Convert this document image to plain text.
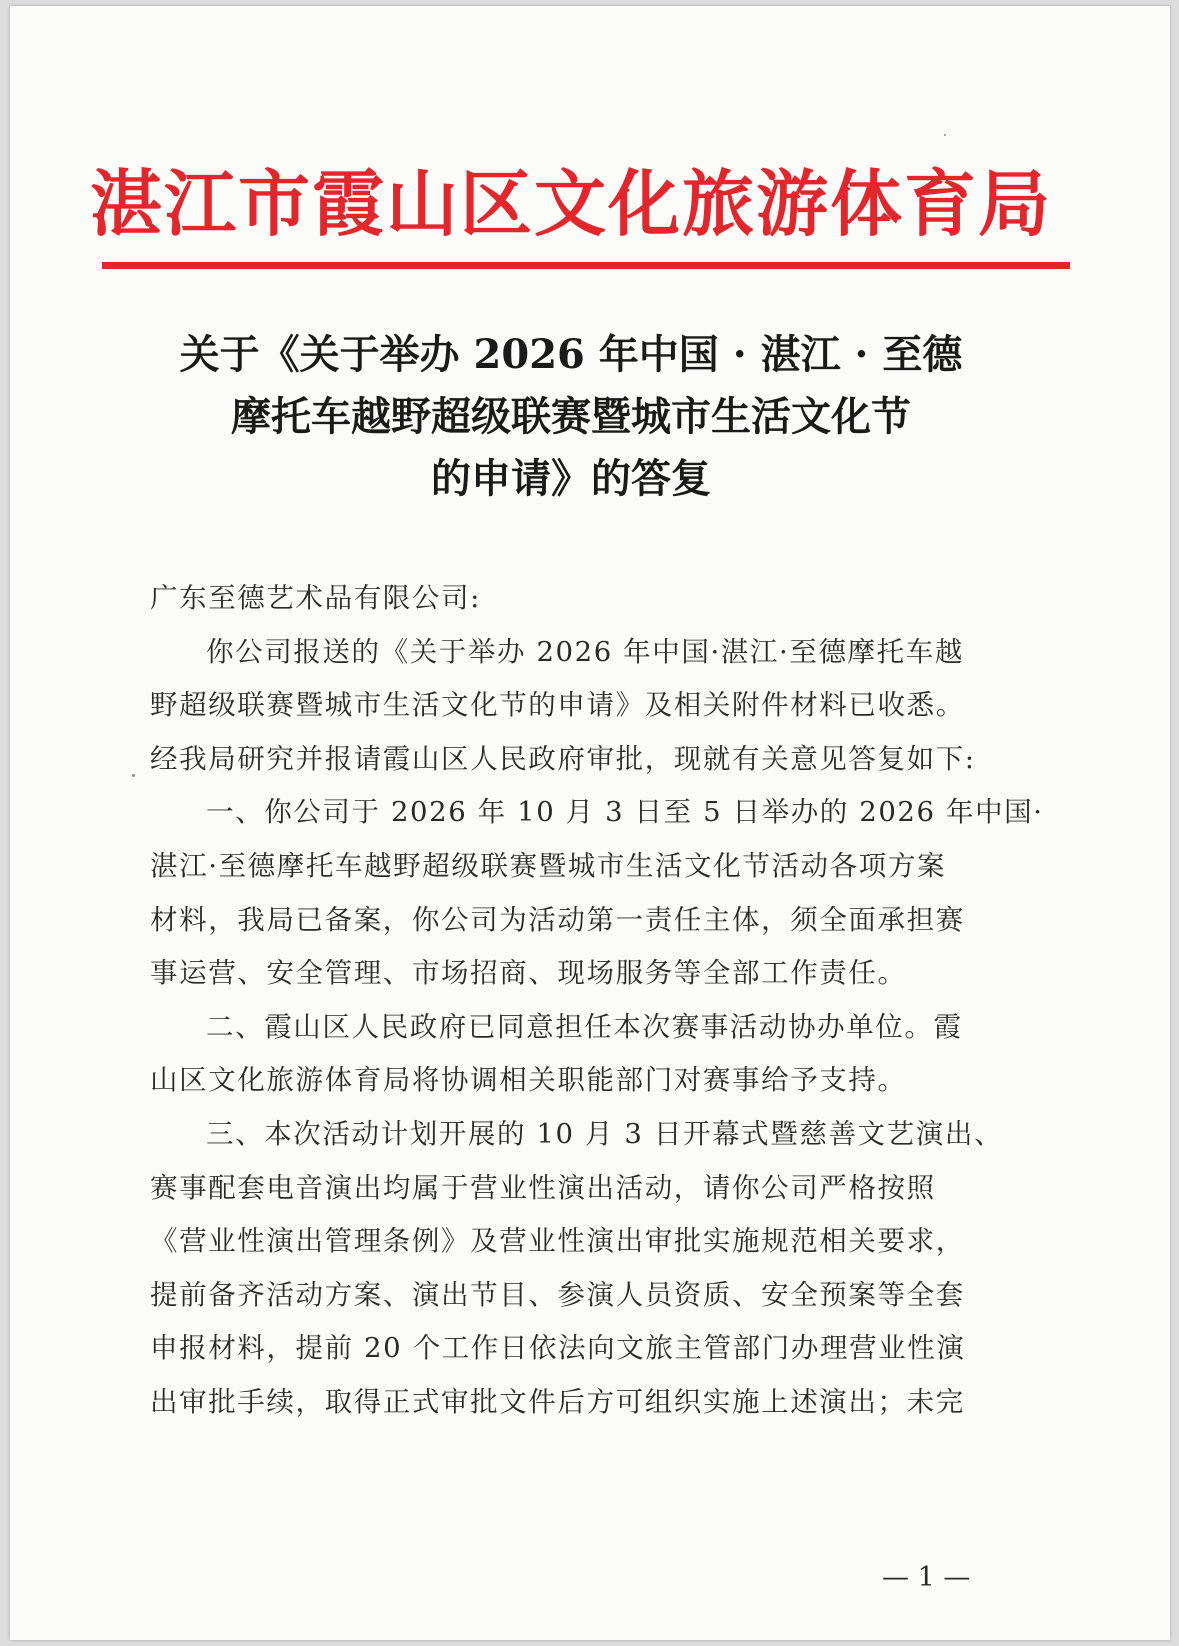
湛江市霞山区文化旅游体育局
关于《关于举办 2026 年中国 · 湛江 · 至德
摩托车越野超级联赛暨城市生活文化节
的申请》的答复
广东至德艺术品有限公司:
你公司报送的《关于举办 2026 年中国·湛江·至德摩托车越
野超级联赛暨城市生活文化节的申请》及相关附件材料已收悉。
经我局研究并报请霞山区人民政府审批，现就有关意见答复如下:
一、你公司于 2026 年 10 月 3 日至 5 日举办的 2026 年中国·
湛江·至德摩托车越野超级联赛暨城市生活文化节活动各项方案
材料，我局已备案，你公司为活动第一责任主体，须全面承担赛
事运营、安全管理、市场招商、现场服务等全部工作责任。
二、霞山区人民政府已同意担任本次赛事活动协办单位。霞
山区文化旅游体育局将协调相关职能部门对赛事给予支持。
三、本次活动计划开展的 10 月 3 日开幕式暨慈善文艺演出、
赛事配套电音演出均属于营业性演出活动，请你公司严格按照
《营业性演出管理条例》及营业性演出审批实施规范相关要求，
提前备齐活动方案、演出节目、参演人员资质、安全预案等全套
申报材料，提前 20 个工作日依法向文旅主管部门办理营业性演
出审批手续，取得正式审批文件后方可组织实施上述演出；未完
— 1 —
